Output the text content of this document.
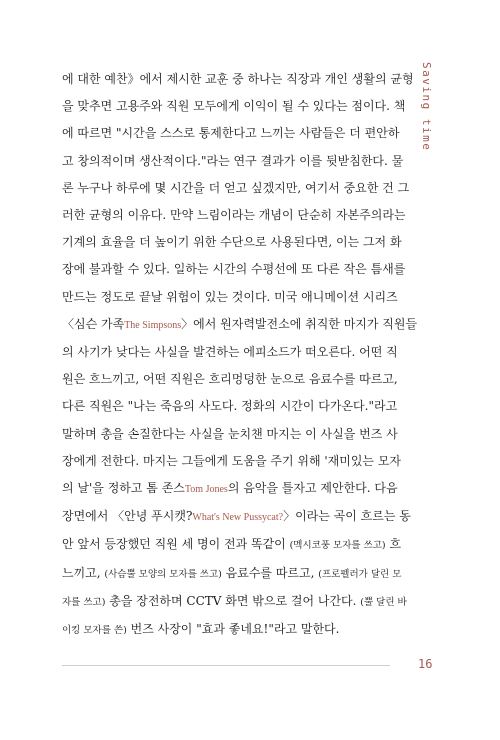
에 대한 예찬》에서 제시한 교훈 중 하나는 직장과 개인 생활의 균형
을 맞추면 고용주와 직원 모두에게 이익이 될 수 있다는 점이다. 책
에 따르면 "시간을 스스로 통제한다고 느끼는 사람들은 더 편안하
고 창의적이며 생산적이다."라는 연구 결과가 이를 뒷받침한다. 물
론 누구나 하루에 몇 시간을 더 얻고 싶겠지만, 여기서 중요한 건 그
러한 균형의 이유다. 만약 느림이라는 개념이 단순히 자본주의라는
기계의 효율을 더 높이기 위한 수단으로 사용된다면, 이는 그저 화
장에 불과할 수 있다. 일하는 시간의 수평선에 또 다른 작은 틈새를
만드는 정도로 끝날 위험이 있는 것이다. 미국 애니메이션 시리즈
〈심슨 가족The Simpsons〉에서 원자력발전소에 취직한 마지가 직원들
의 사기가 낮다는 사실을 발견하는 에피소드가 떠오른다. 어떤 직
원은 흐느끼고, 어떤 직원은 흐리멍덩한 눈으로 음료수를 따르고,
다른 직원은 "나는 죽음의 사도다. 정화의 시간이 다가온다."라고
말하며 총을 손질한다는 사실을 눈치챈 마지는 이 사실을 번즈 사
장에게 전한다. 마지는 그들에게 도움을 주기 위해 '재미있는 모자
의 날'을 정하고 톰 존스Tom Jones의 음악을 틀자고 제안한다. 다음
장면에서 〈안녕 푸시캣?What's New Pussycat?〉이라는 곡이 흐르는 동
안 앞서 등장했던 직원 세 명이 전과 똑같이 (멕시코풍 모자를 쓰고) 흐
느끼고, (사슴뿔 모양의 모자를 쓰고) 음료수를 따르고, (프로펠러가 달린 모
자를 쓰고) 총을 장전하며 CCTV 화면 밖으로 걸어 나간다. (뿔 달린 바
이킹 모자를 쓴) 번즈 사장이 "효과 좋네요!"라고 말한다.
Saving time
16
